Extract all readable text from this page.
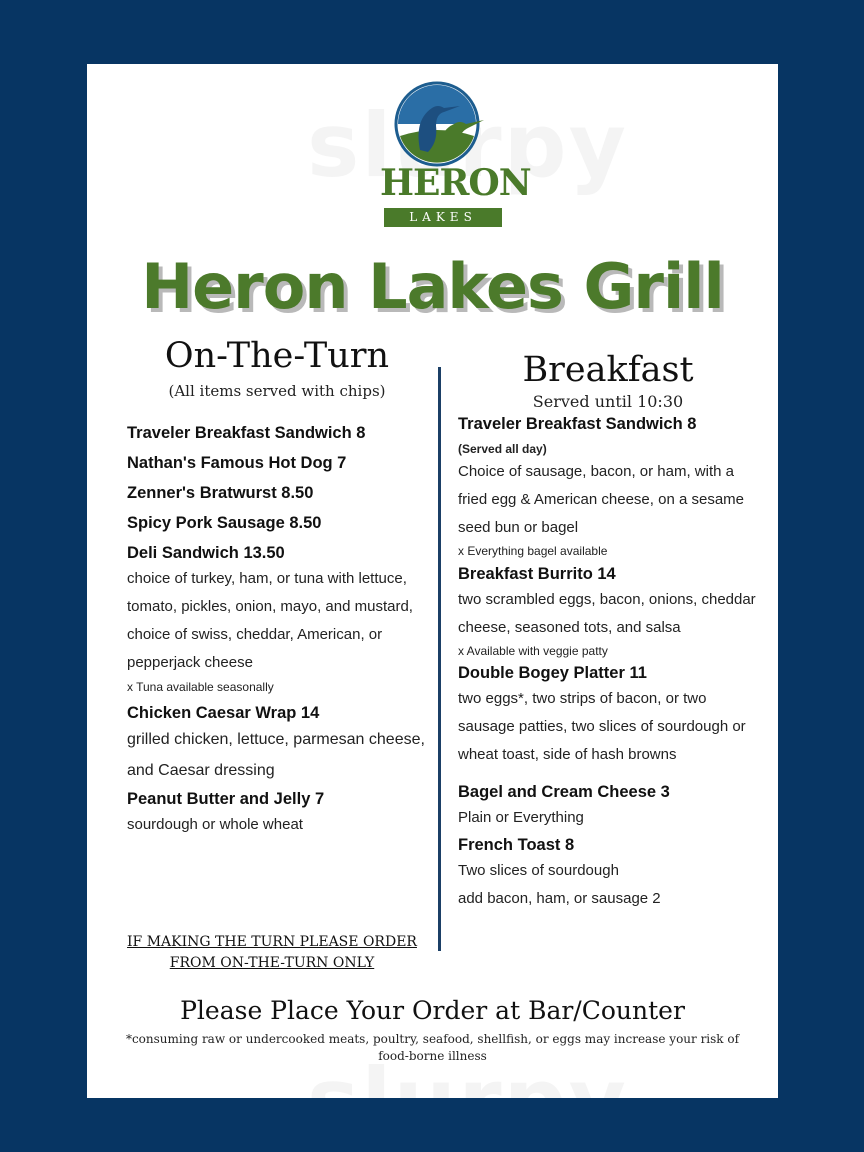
HERON
LAKES
Heron Lakes Grill
On-The-Turn
(All items served with chips)
Traveler Breakfast Sandwich 8
Nathan's Famous Hot Dog 7
Zenner's Bratwurst 8.50
Spicy Pork Sausage 8.50
Deli Sandwich 13.50
choice of turkey, ham, or tuna with lettuce, tomato, pickles, onion, mayo, and mustard, choice of swiss, cheddar, American, or pepperjack cheese
x Tuna available seasonally
Chicken Caesar Wrap 14
grilled chicken, lettuce, parmesan cheese, and Caesar dressing
Peanut Butter and Jelly 7
sourdough or whole wheat
IF MAKING THE TURN PLEASE ORDER FROM ON-THE-TURN ONLY
Breakfast
Served until 10:30
Traveler Breakfast Sandwich 8
(Served all day)
Choice of sausage, bacon, or ham, with a fried egg & American cheese, on a sesame seed bun or bagel
x Everything bagel available
Breakfast Burrito 14
two scrambled eggs, bacon, onions, cheddar cheese, seasoned tots, and salsa
x Available with veggie patty
Double Bogey Platter 11
two eggs*, two strips of bacon, or two sausage patties, two slices of sourdough or wheat toast, side of hash browns
Bagel and Cream Cheese 3
Plain or Everything
French Toast 8
Two slices of sourdough
add bacon, ham, or sausage 2
Please Place Your Order at Bar/Counter
*consuming raw or undercooked meats, poultry, seafood, shellfish, or eggs may increase your risk of food-borne illness
